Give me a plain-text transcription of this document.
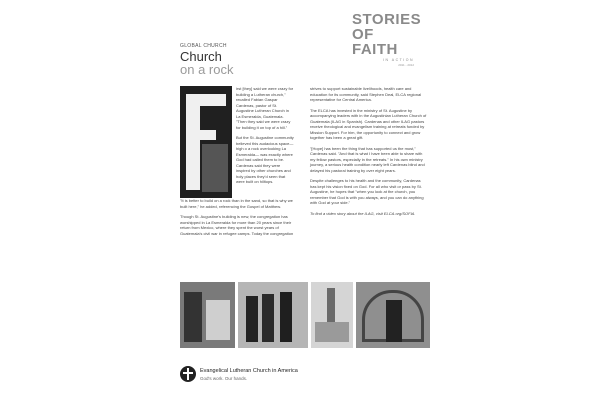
GLOBAL CHURCH
Church
on a rock
STORIES
OF FAITH
IN ACTION
2011 - 2012

irst [they] said we were crazy for building a Lutheran church," recalled Fabian Gaspar Cardenas, pastor of St. Augustine Lutheran Church in La Esmeralda, Guatemala. "Then they said we were crazy for building it on top of a hill."

But the St. Augustine community believed this audacious space— high o a rock overlooking La Esmeralda— was exactly where God had called them to be. Cardenas said they were inspired by other churches and holy places they'd seen that were built on hilltops.

"It is better to build on a rock than in the sand, so that is why we built here," he added, referencing the Gospel of Matthew.

Though St. Augustine's building is new, the congregation has worshipped in La Esmeralda for more than 20 years since their return from Mexico, where they spent the worst years of Guatemala's civil war in refugee camps. Today the congregation

strives to support sustainable livelihoods, health care and education for its community, said Stephen Deal, ELCA regional representative for Central America.

The ELCA has invested in the ministry of St. Augustine by accompanying leaders with in the Augustinian Lutheran Church of Guatemala (ILAG in Spanish). Cardenas and other ILAG pastors receive theological and evangelism training at retreats funded by Mission Support. For him, the opportunity to connect and grow together has been a great gift.

"[Hope] has been the thing that has supported us the most," Cardenas said. "And that is what I have been able to share with my fellow pastors, especially in the retreats." In his own ministry journey, a serious health condition nearly left Cardenas blind and delayed his pastoral training by over eight years.

Despite challenges to his health and the community, Cardenas has kept his vision fixed on God. For all who visit or pass by St. Augustine, he hopes that "when you look at the church, you remember that God is with you always, and you can do anything with God at your side."

To find a video story about the ILAG, visit ELCA.org/SOFIA.

Evangelical Lutheran Church in America
God's work. Our hands.
